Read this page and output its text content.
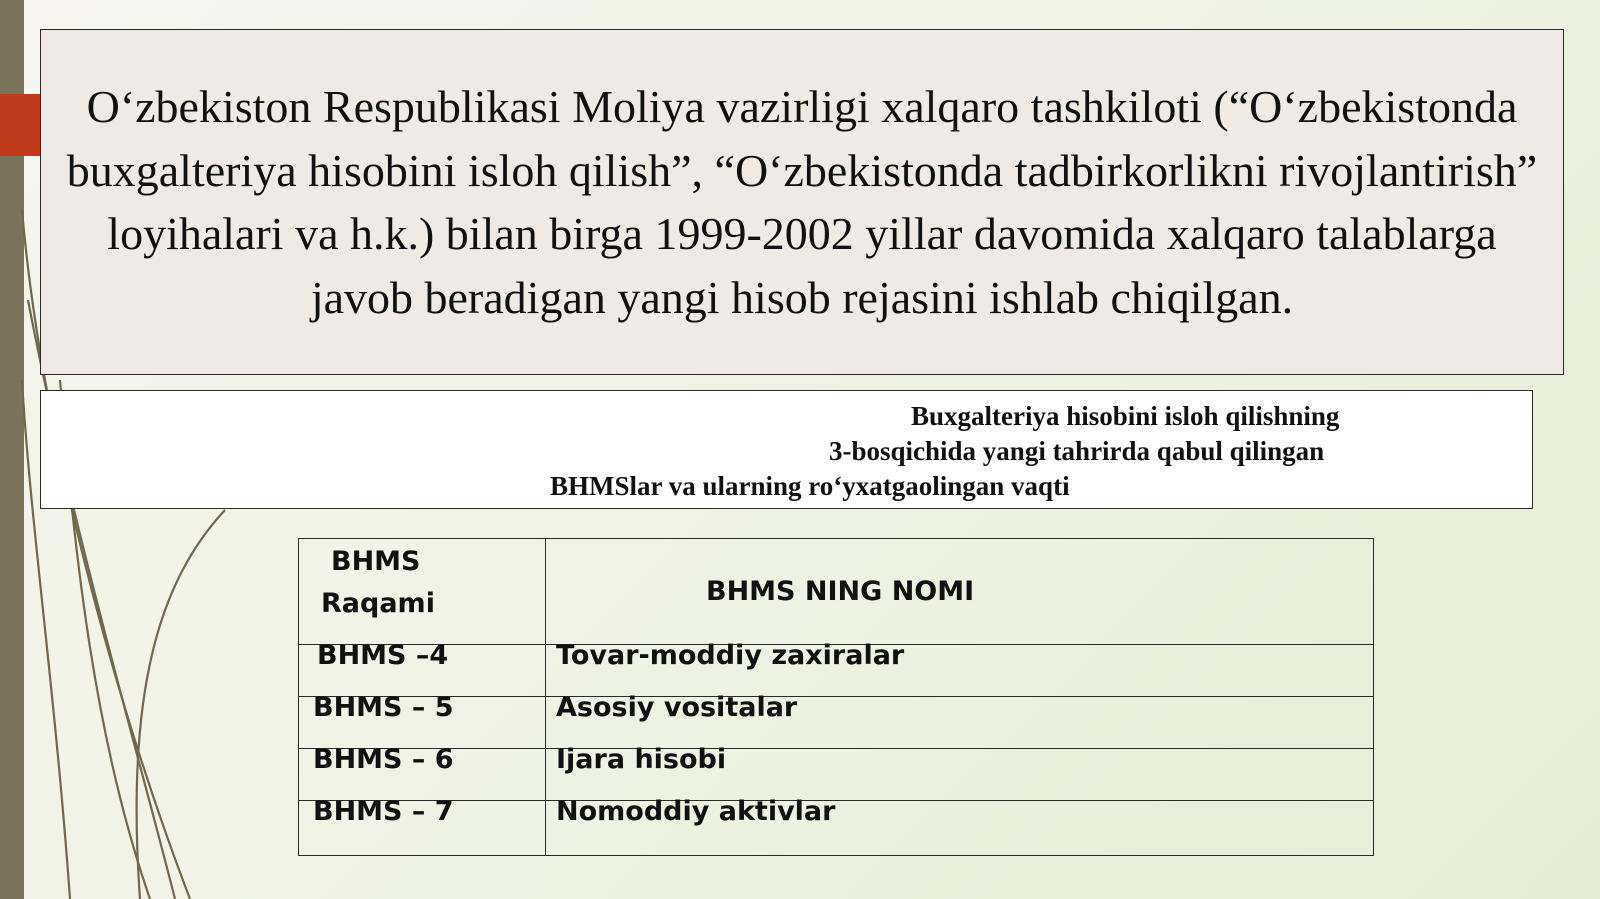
O‘zbekiston Respublikasi Moliya vazirligi xalqaro tashkiloti (“O‘zbekistonda buxgalteriya hisobini isloh qilish”, “O‘zbekistonda tadbirkorlikni rivojlantirish” loyihalari va h.k.) bilan birga 1999-2002 yillar davomida xalqaro talablarga javob beradigan yangi hisob rejasini ishlab chiqilgan.
Buxgalteriya hisobini isloh qilishning
3-bosqichida yangi tahrirda qabul qilingan
BHMSlar va ularning ro‘yxatgaolingan vaqti
BHMS
Raqami	BHMS NING NOMI
BHMS –4	Tovar-moddiy zaxiralar
BHMS – 5	Asosiy vositalar
BHMS – 6	Ijara hisobi
BHMS – 7	Nomoddiy aktivlar
